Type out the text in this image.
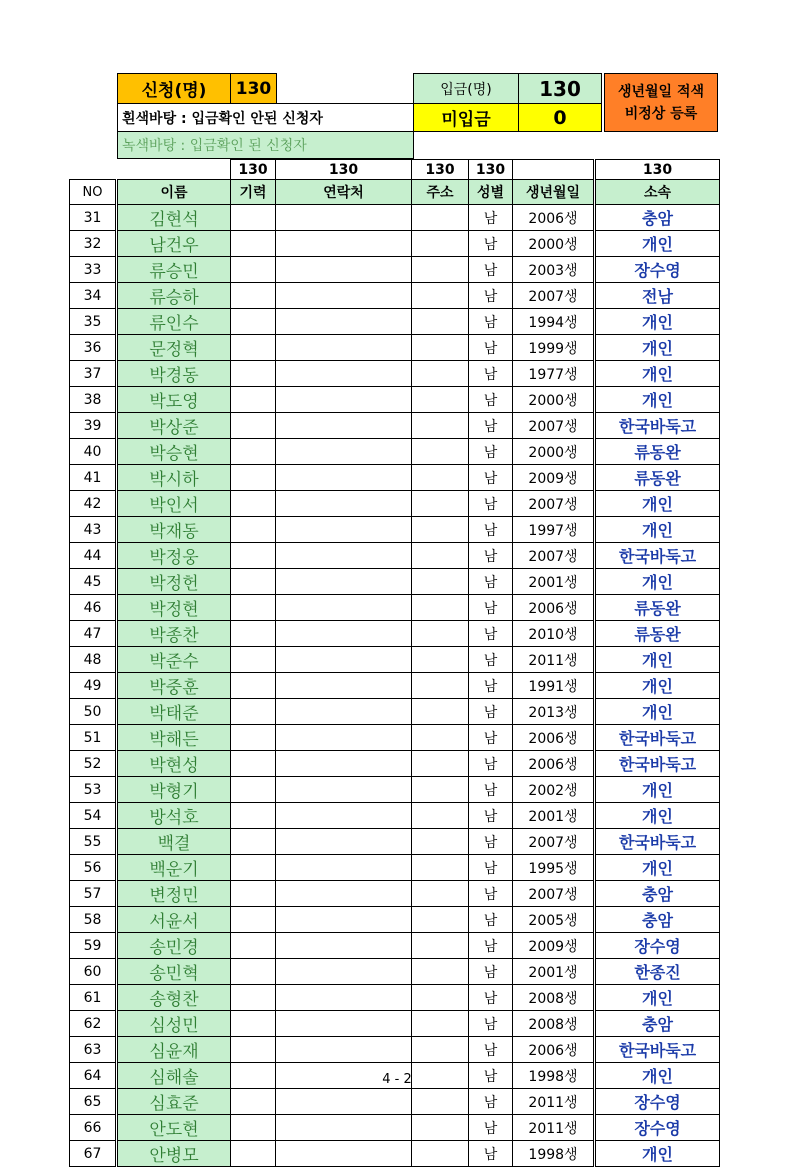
신청(명)	130
흰색바탕 : 입금확인 안된 신청자
녹색바탕 : 입금확인 된 신청자
입금(명)	130
미입금	0
생년월일 적색
비정상 등록
		130	130	130	130		130
NO	이름	기력	연락처	주소	성별	생년월일	소속
31	김현석				남	2006생	충암
32	남건우				남	2000생	개인
33	류승민				남	2003생	장수영
34	류승하				남	2007생	전남
35	류인수				남	1994생	개인
36	문정혁				남	1999생	개인
37	박경동				남	1977생	개인
38	박도영				남	2000생	개인
39	박상준				남	2007생	한국바둑고
40	박승현				남	2000생	류동완
41	박시하				남	2009생	류동완
42	박인서				남	2007생	개인
43	박재동				남	1997생	개인
44	박정웅				남	2007생	한국바둑고
45	박정헌				남	2001생	개인
46	박정현				남	2006생	류동완
47	박종찬				남	2010생	류동완
48	박준수				남	2011생	개인
49	박중훈				남	1991생	개인
50	박태준				남	2013생	개인
51	박해든				남	2006생	한국바둑고
52	박현성				남	2006생	한국바둑고
53	박형기				남	2002생	개인
54	방석호				남	2001생	개인
55	백결				남	2007생	한국바둑고
56	백운기				남	1995생	개인
57	변정민				남	2007생	충암
58	서윤서				남	2005생	충암
59	송민경				남	2009생	장수영
60	송민혁				남	2001생	한종진
61	송형찬				남	2008생	개인
62	심성민				남	2008생	충암
63	심윤재				남	2006생	한국바둑고
64	심해솔				남	1998생	개인
65	심효준				남	2011생	장수영
66	안도현				남	2011생	장수영
67	안병모				남	1998생	개인
4 - 2
